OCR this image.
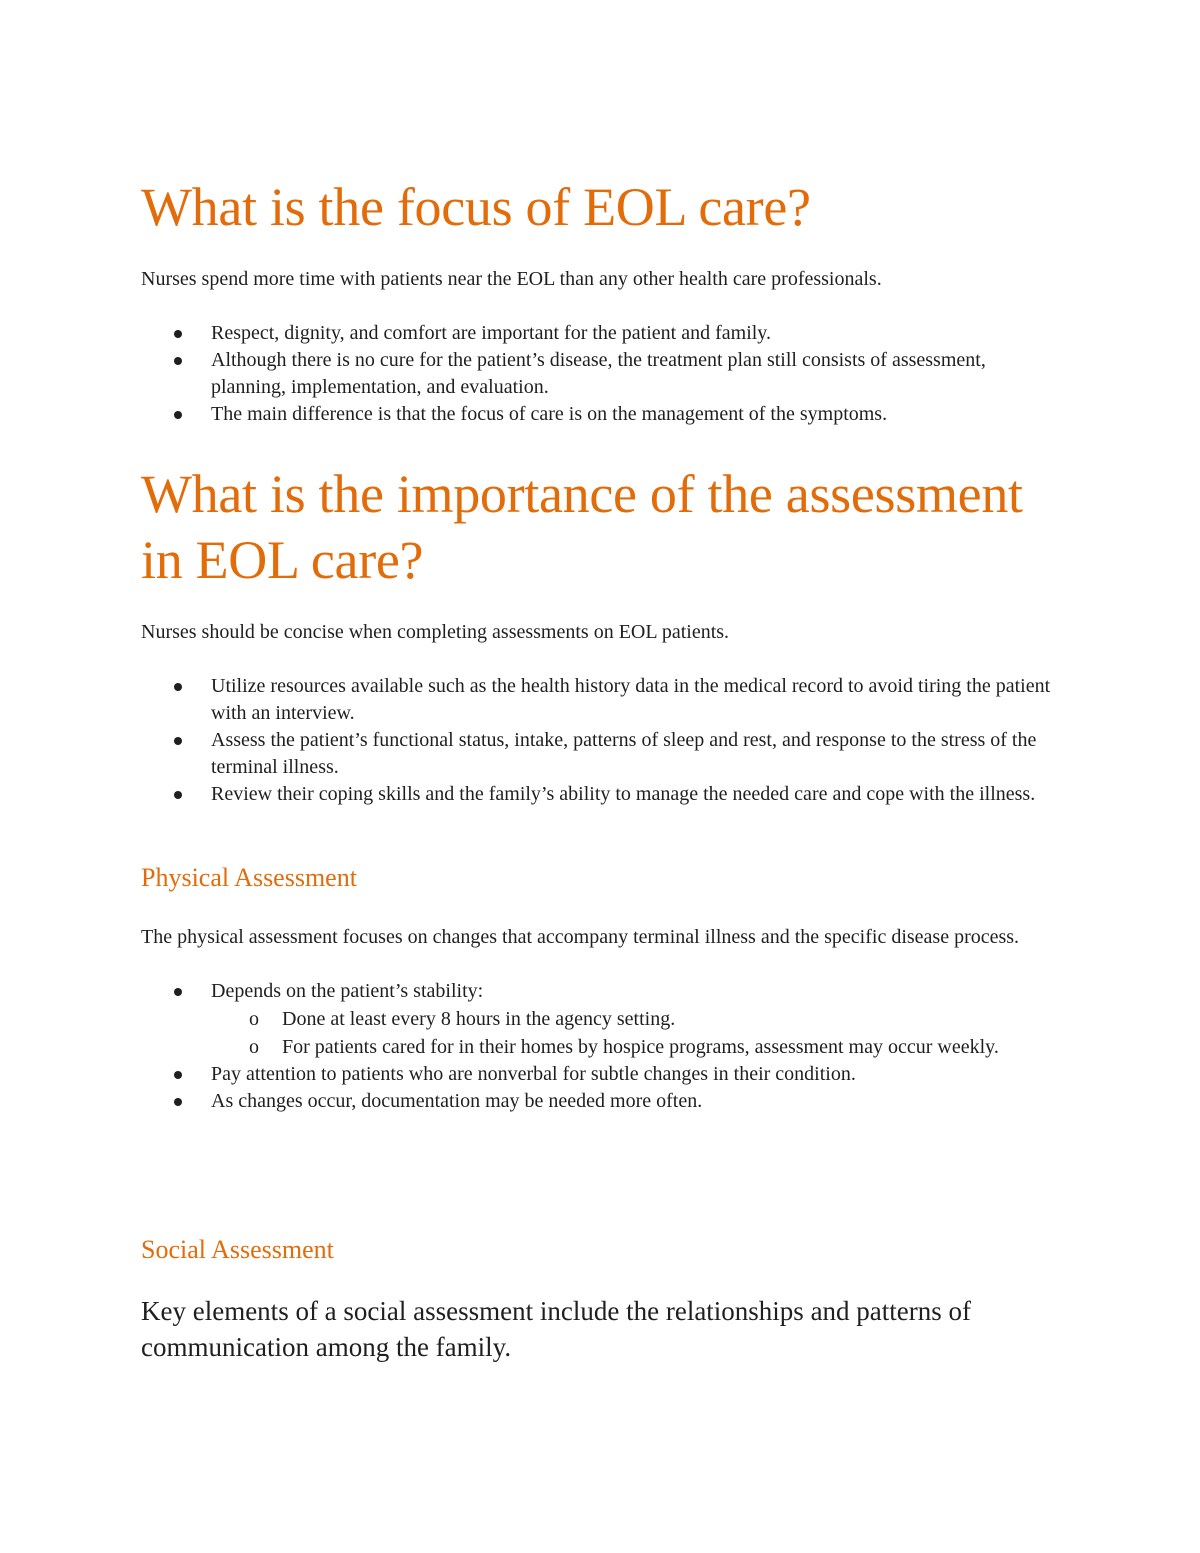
What is the focus of EOL care?

Nurses spend more time with patients near the EOL than any other health care professionals.

Respect, dignity, and comfort are important for the patient and family.
Although there is no cure for the patient’s disease, the treatment plan still consists of assessment, planning, implementation, and evaluation.
The main difference is that the focus of care is on the management of the symptoms.
What is the importance of the assessment in EOL care?

Nurses should be concise when completing assessments on EOL patients.

Utilize resources available such as the health history data in the medical record to avoid tiring the patient with an interview.
Assess the patient’s functional status, intake, patterns of sleep and rest, and response to the stress of the terminal illness.
Review their coping skills and the family’s ability to manage the needed care and cope with the illness.
Physical Assessment

The physical assessment focuses on changes that accompany terminal illness and the specific disease process.

Depends on the patient’s stability:
o Done at least every 8 hours in the agency setting.
o For patients cared for in their homes by hospice programs, assessment may occur weekly.
Pay attention to patients who are nonverbal for subtle changes in their condition.
As changes occur, documentation may be needed more often.
Social Assessment

Key elements of a social assessment include the relationships and patterns of communication among the family.
